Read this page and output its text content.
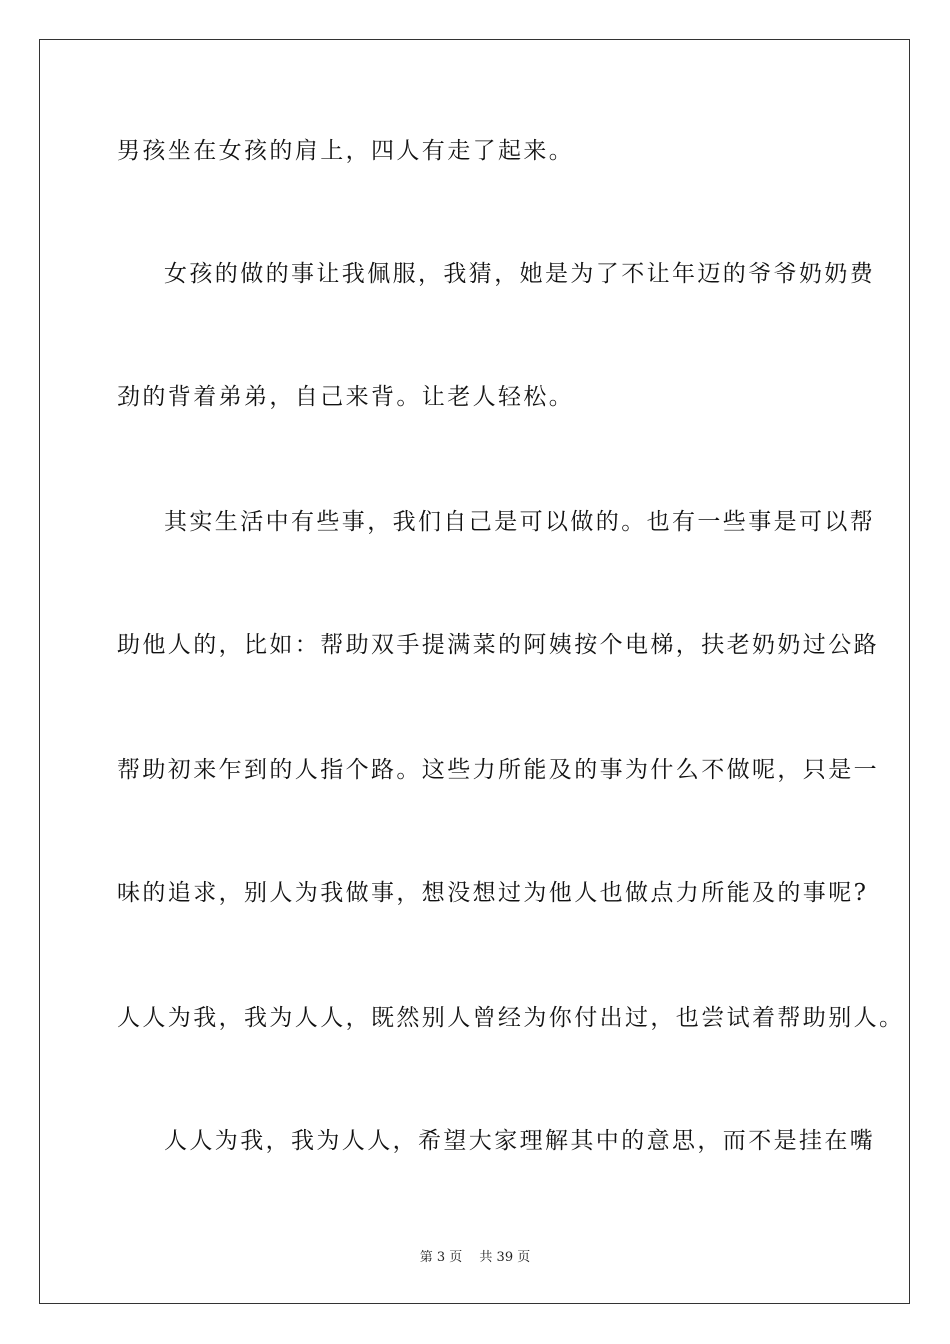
男孩坐在女孩的肩上，四人有走了起来。
女孩的做的事让我佩服，我猜，她是为了不让年迈的爷爷奶奶费
劲的背着弟弟，自己来背。让老人轻松。
其实生活中有些事，我们自己是可以做的。也有一些事是可以帮
助他人的，比如：帮助双手提满菜的阿姨按个电梯，扶老奶奶过公路
帮助初来乍到的人指个路。这些力所能及的事为什么不做呢，只是一
味的追求，别人为我做事，想没想过为他人也做点力所能及的事呢?
人人为我，我为人人，既然别人曾经为你付出过，也尝试着帮助别人。
人人为我，我为人人，希望大家理解其中的意思，而不是挂在嘴
第 3 页　 共 39 页
